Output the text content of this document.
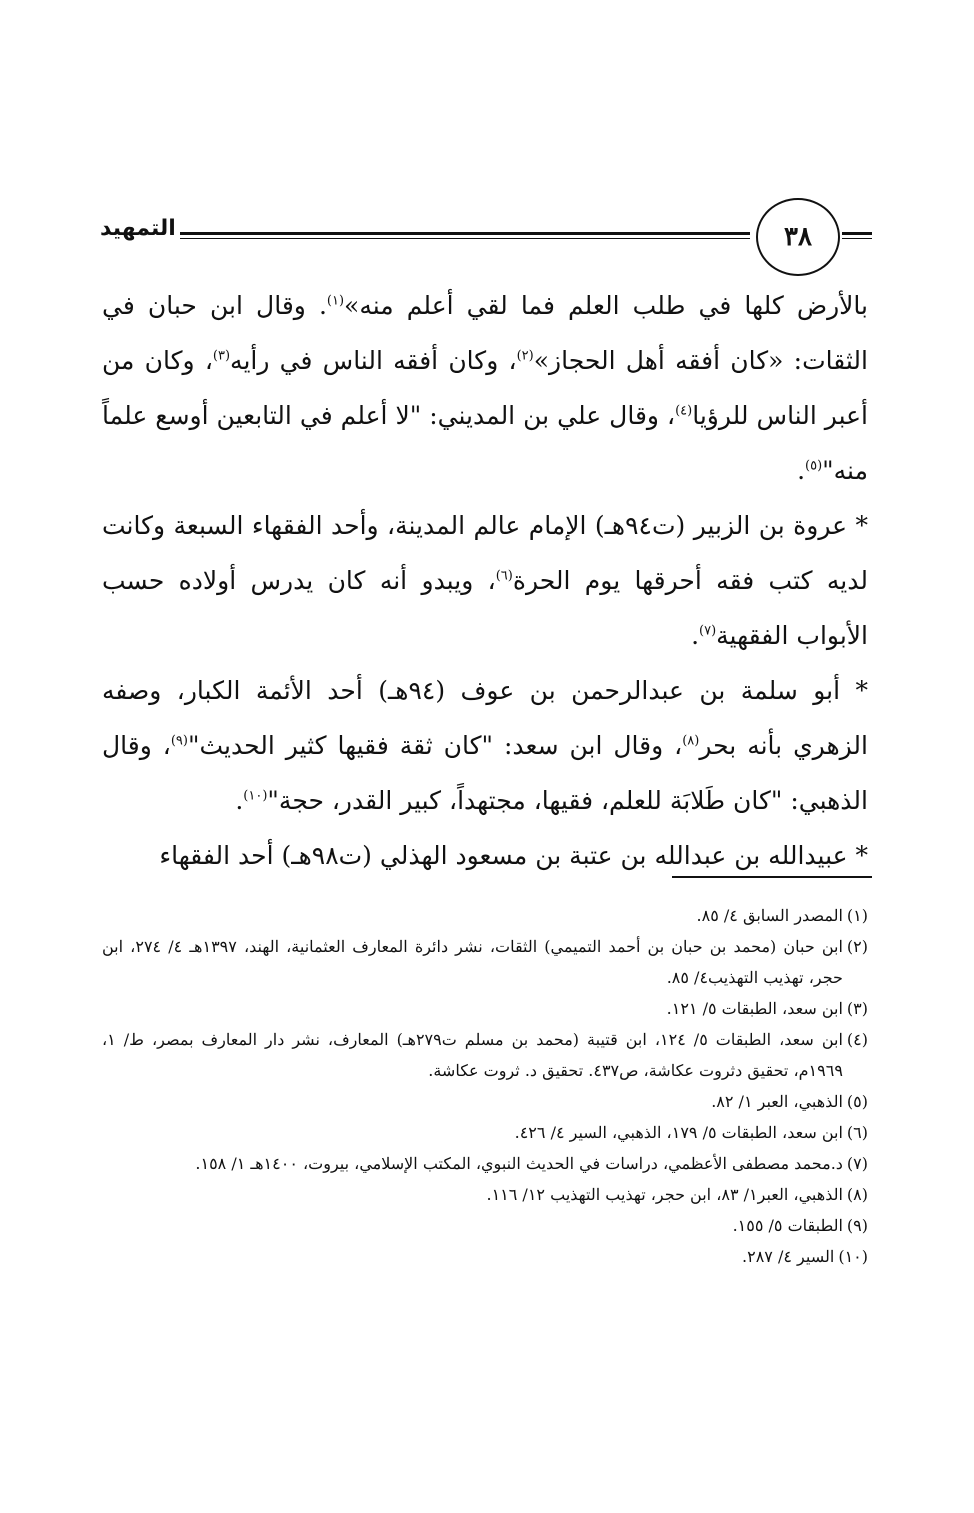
التمهيد	٣٨

بالأرض كلها في طلب العلم فما لقي أعلم منه»$^{(١)}$. وقال ابن حبان في الثقات: «كان أفقه أهل الحجاز»$^{(٢)}$، وكان أفقه الناس في رأيه$^{(٣)}$، وكان من أعبر الناس للرؤيا$^{(٤)}$، وقال علي بن المديني: "لا أعلم في التابعين أوسع علماً منه"$^{(٥)}$.

* عروة بن الزبير (ت٩٤هـ) الإمام عالم المدينة، وأحد الفقهاء السبعة وكانت لديه كتب فقه أحرقها يوم الحرة$^{(٦)}$، ويبدو أنه كان يدرس أولاده حسب الأبواب الفقهية$^{(٧)}$.

* أبو سلمة بن عبدالرحمن بن عوف (٩٤هـ) أحد الأئمة الكبار، وصفه الزهري بأنه بحر$^{(٨)}$، وقال ابن سعد: "كان ثقة فقيها كثير الحديث"$^{(٩)}$، وقال الذهبي: "كان طَلابَة للعلم، فقيها، مجتهداً، كبير القدر، حجة"$^{(١٠)}$.

* عبيدالله بن عبدالله بن عتبة بن مسعود الهذلي (ت٩٨هـ) أحد الفقهاء

(١)
المصدر السابق ٤/ ٨٥.
(٢)
ابن حبان (محمد بن حبان بن أحمد التميمي) الثقات، نشر دائرة المعارف العثمانية، الهند، ١٣٩٧هـ ٤/ ٢٧٤، ابن حجر، تهذيب التهذيب٤/ ٨٥.
(٣)
ابن سعد، الطبقات ٥/ ١٢١.
(٤)
ابن سعد، الطبقات ٥/ ١٢٤، ابن قتيبة (محمد بن مسلم ت٢٧٩هـ) المعارف، نشر دار المعارف بمصر، ط/ ١، ١٩٦٩م، تحقيق دثروت عكاشة، ص٤٣٧. تحقيق د. ثروت عكاشة.
(٥)
الذهبي، العبر ١/ ٨٢.
(٦)
ابن سعد، الطبقات ٥/ ١٧٩، الذهبي، السير ٤/ ٤٢٦.
(٧)
د.محمد مصطفى الأعظمي، دراسات في الحديث النبوي، المكتب الإسلامي، بيروت، ١٤٠٠هـ ١/ ١٥٨.
(٨)
الذهبي، العبر١/ ٨٣، ابن حجر، تهذيب التهذيب ١٢/ ١١٦.
(٩)
الطبقات ٥/ ١٥٥.
(١٠)
السير ٤/ ٢٨٧.
